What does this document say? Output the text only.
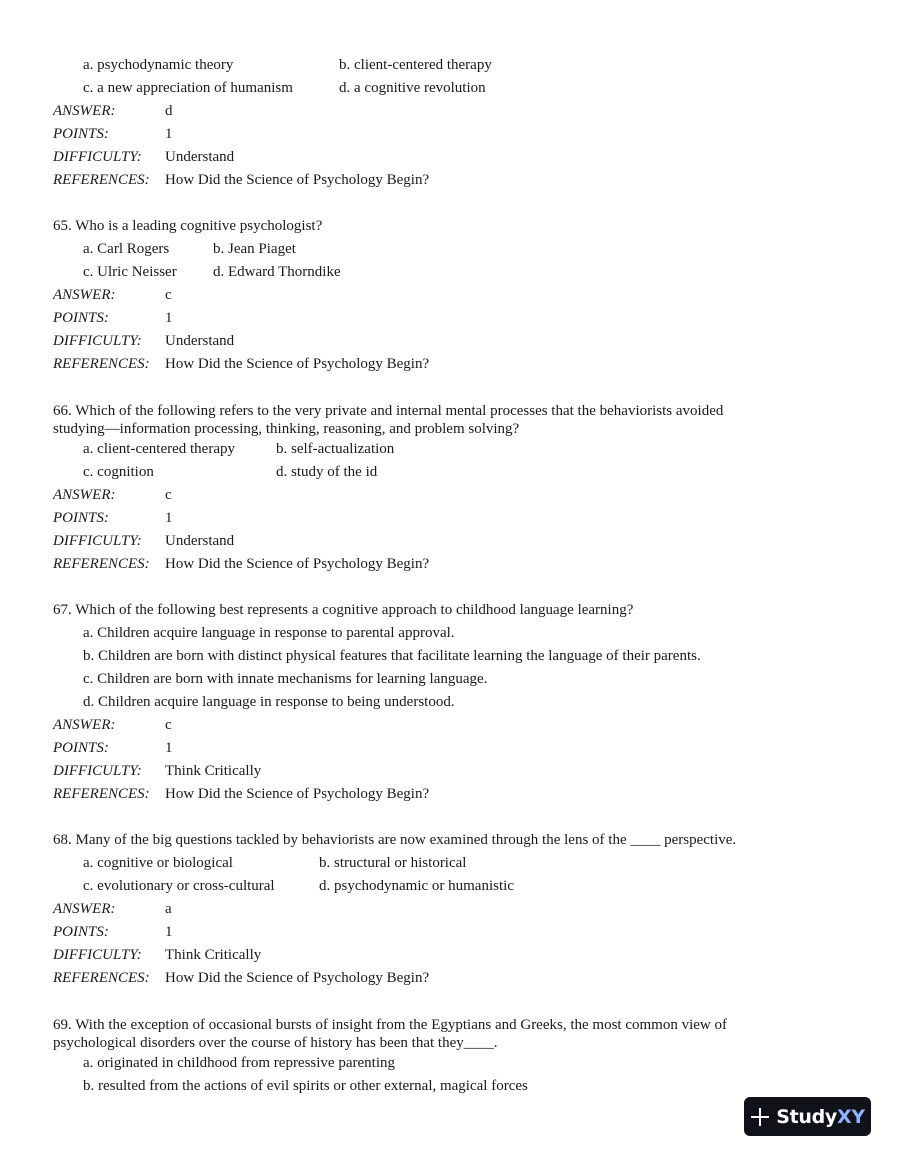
a. psychodynamic theory	b. client-centered therapy
c. a new appreciation of humanism	d. a cognitive revolution
ANSWER:	d
POINTS:	1
DIFFICULTY:	Understand
REFERENCES:	How Did the Science of Psychology Begin?
65. Who is a leading cognitive psychologist?
a. Carl Rogers	b. Jean Piaget
c. Ulric Neisser	d. Edward Thorndike
ANSWER:	c
POINTS:	1
DIFFICULTY:	Understand
REFERENCES:	How Did the Science of Psychology Begin?
66. Which of the following refers to the very private and internal mental processes that the behaviorists avoided
studying—information processing, thinking, reasoning, and problem solving?
a. client-centered therapy	b. self-actualization
c. cognition	d. study of the id
ANSWER:	c
POINTS:	1
DIFFICULTY:	Understand
REFERENCES:	How Did the Science of Psychology Begin?
67. Which of the following best represents a cognitive approach to childhood language learning?
a. Children acquire language in response to parental approval.
b. Children are born with distinct physical features that facilitate learning the language of their parents.
c. Children are born with innate mechanisms for learning language.
d. Children acquire language in response to being understood.
ANSWER:	c
POINTS:	1
DIFFICULTY:	Think Critically
REFERENCES:	How Did the Science of Psychology Begin?
68. Many of the big questions tackled by behaviorists are now examined through the lens of the ____ perspective.
a. cognitive or biological	b. structural or historical
c. evolutionary or cross-cultural	d. psychodynamic or humanistic
ANSWER:	a
POINTS:	1
DIFFICULTY:	Think Critically
REFERENCES:	How Did the Science of Psychology Begin?
69. With the exception of occasional bursts of insight from the Egyptians and Greeks, the most common view of
psychological disorders over the course of history has been that they____.
a. originated in childhood from repressive parenting
b. resulted from the actions of evil spirits or other external, magical forces
StudyXY
